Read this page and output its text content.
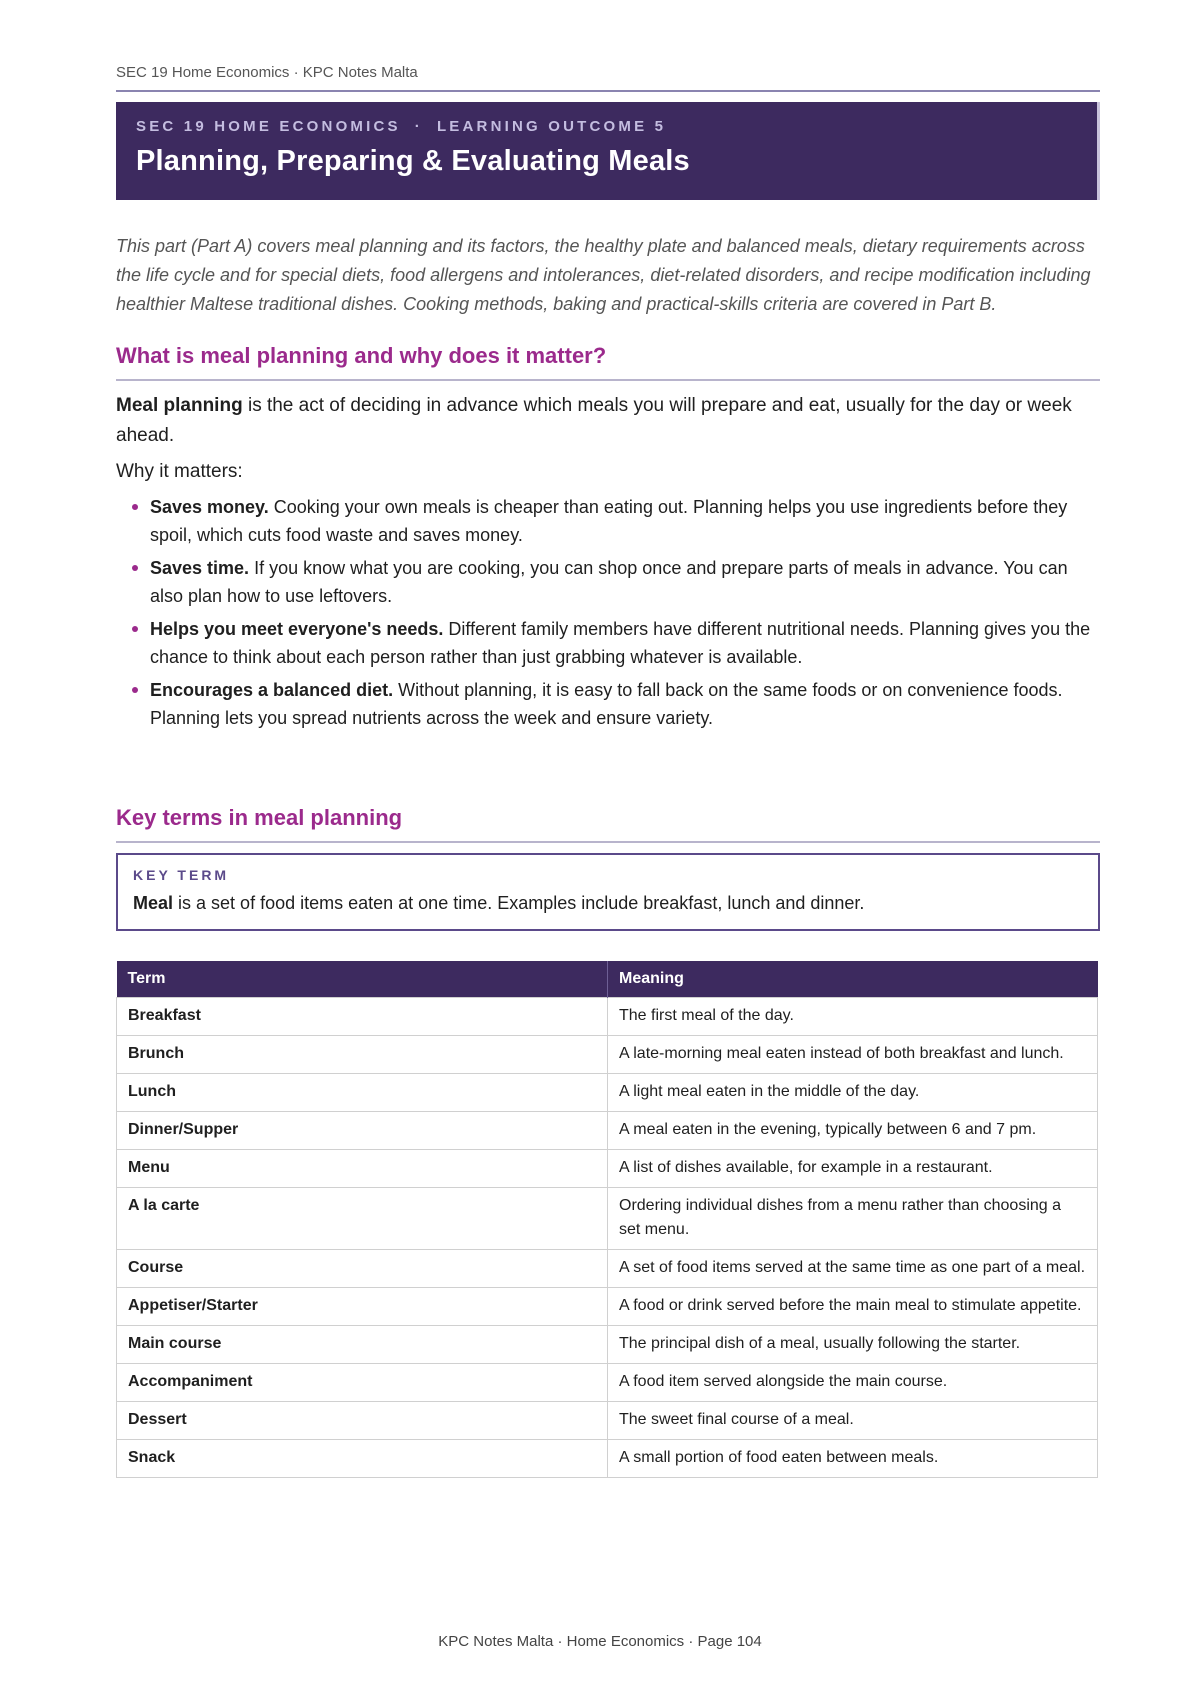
SEC 19 Home Economics · KPC Notes Malta
SEC 19 HOME ECONOMICS · LEARNING OUTCOME 5
Planning, Preparing & Evaluating Meals
This part (Part A) covers meal planning and its factors, the healthy plate and balanced meals, dietary requirements across the life cycle and for special diets, food allergens and intolerances, diet-related disorders, and recipe modification including healthier Maltese traditional dishes. Cooking methods, baking and practical-skills criteria are covered in Part B.
What is meal planning and why does it matter?
Meal planning is the act of deciding in advance which meals you will prepare and eat, usually for the day or week ahead.
Why it matters:
Saves money. Cooking your own meals is cheaper than eating out. Planning helps you use ingredients before they spoil, which cuts food waste and saves money.
Saves time. If you know what you are cooking, you can shop once and prepare parts of meals in advance. You can also plan how to use leftovers.
Helps you meet everyone's needs. Different family members have different nutritional needs. Planning gives you the chance to think about each person rather than just grabbing whatever is available.
Encourages a balanced diet. Without planning, it is easy to fall back on the same foods or on convenience foods. Planning lets you spread nutrients across the week and ensure variety.
Key terms in meal planning
KEY TERM
Meal is a set of food items eaten at one time. Examples include breakfast, lunch and dinner.
Term	Meaning
Breakfast	The first meal of the day.
Brunch	A late-morning meal eaten instead of both breakfast and lunch.
Lunch	A light meal eaten in the middle of the day.
Dinner/Supper	A meal eaten in the evening, typically between 6 and 7 pm.
Menu	A list of dishes available, for example in a restaurant.
A la carte	Ordering individual dishes from a menu rather than choosing a set menu.
Course	A set of food items served at the same time as one part of a meal.
Appetiser/Starter	A food or drink served before the main meal to stimulate appetite.
Main course	The principal dish of a meal, usually following the starter.
Accompaniment	A food item served alongside the main course.
Dessert	The sweet final course of a meal.
Snack	A small portion of food eaten between meals.
KPC Notes Malta · Home Economics · Page 104
